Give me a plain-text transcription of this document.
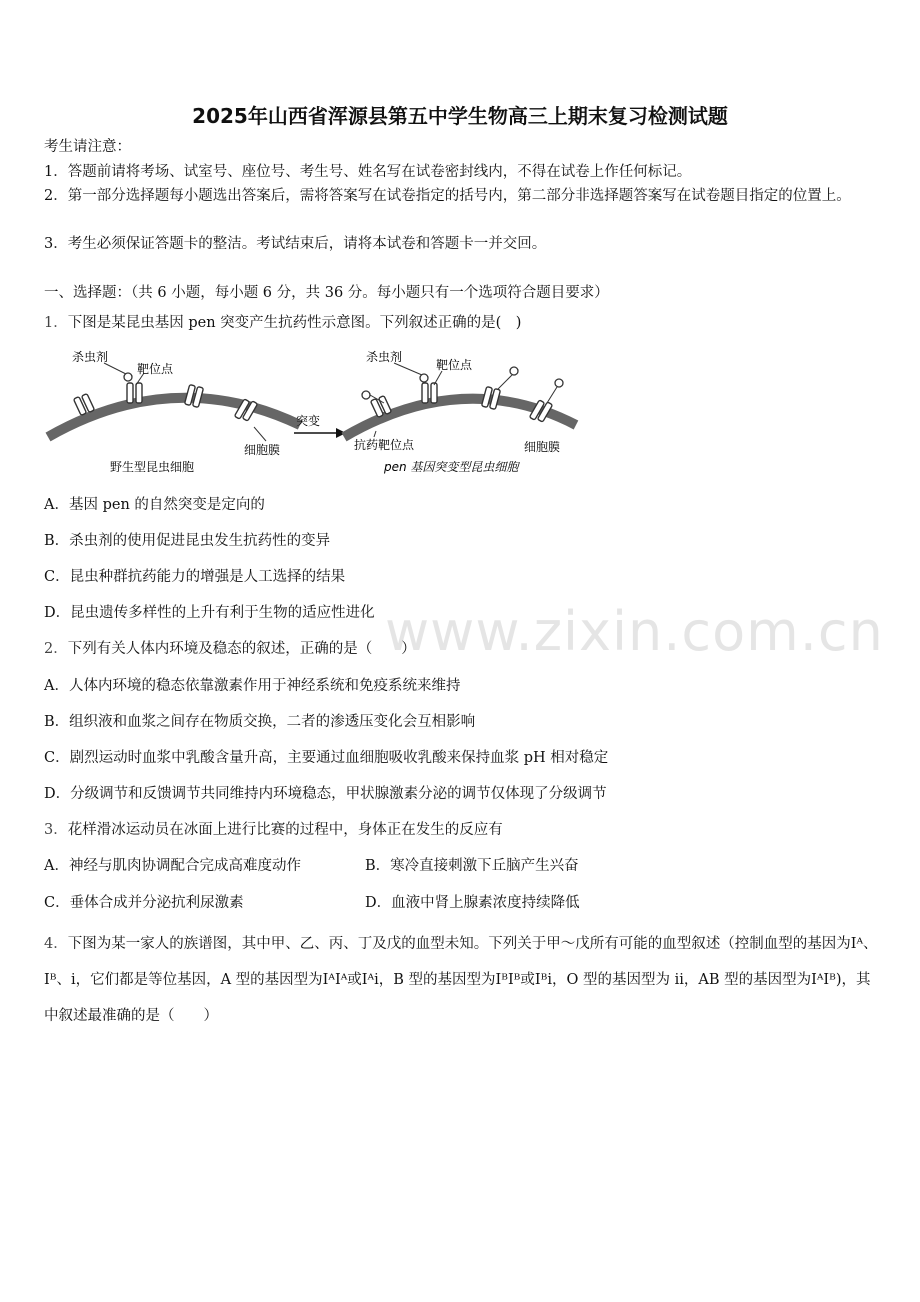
2025年山西省浑源县第五中学生物高三上期末复习检测试题
考生请注意：
1．答题前请将考场、试室号、座位号、考生号、姓名写在试卷密封线内，不得在试卷上作任何标记。
2．第一部分选择题每小题选出答案后，需将答案写在试卷指定的括号内，第二部分非选择题答案写在试卷题目指定的位置上。
3．考生必须保证答题卡的整洁。考试结束后，请将本试卷和答题卡一并交回。
一、选择题：（共 6 小题，每小题 6 分，共 36 分。每小题只有一个选项符合题目要求）
1．下图是某昆虫基因 pen 突变产生抗药性示意图。下列叙述正确的是(　)
杀虫剂
靶位点
细胞膜
野生型昆虫细胞
突变
杀虫剂
靶位点
抗药靶位点	细胞膜
pen 基因突变型昆虫细胞
A．基因 pen 的自然突变是定向的
B．杀虫剂的使用促进昆虫发生抗药性的变异
C．昆虫种群抗药能力的增强是人工选择的结果
D．昆虫遗传多样性的上升有利于生物的适应性进化
2．下列有关人体内环境及稳态的叙述，正确的是（　　）
A．人体内环境的稳态依靠激素作用于神经系统和免疫系统来维持
B．组织液和血浆之间存在物质交换，二者的渗透压变化会互相影响
C．剧烈运动时血浆中乳酸含量升高，主要通过血细胞吸收乳酸来保持血浆 pH 相对稳定
D．分级调节和反馈调节共同维持内环境稳态，甲状腺激素分泌的调节仅体现了分级调节
3．花样滑冰运动员在冰面上进行比赛的过程中，身体正在发生的反应有
A．神经与肌肉协调配合完成高难度动作	B．寒冷直接刺激下丘脑产生兴奋
C．垂体合成并分泌抗利尿激素	D．血液中肾上腺素浓度持续降低
4．下图为某一家人的族谱图，其中甲、乙、丙、丁及戊的血型未知。下列关于甲～戊所有可能的血型叙述（控制血型的基因为Iᴬ、Iᴮ、i，它们都是等位基因，A 型的基因型为IᴬIᴬ或Iᴬi，B 型的基因型为IᴮIᴮ或Iᴮi，O 型的基因型为 ii，AB 型的基因型为IᴬIᴮ)，其中叙述最准确的是（　　）
www.zixin.com.cn
